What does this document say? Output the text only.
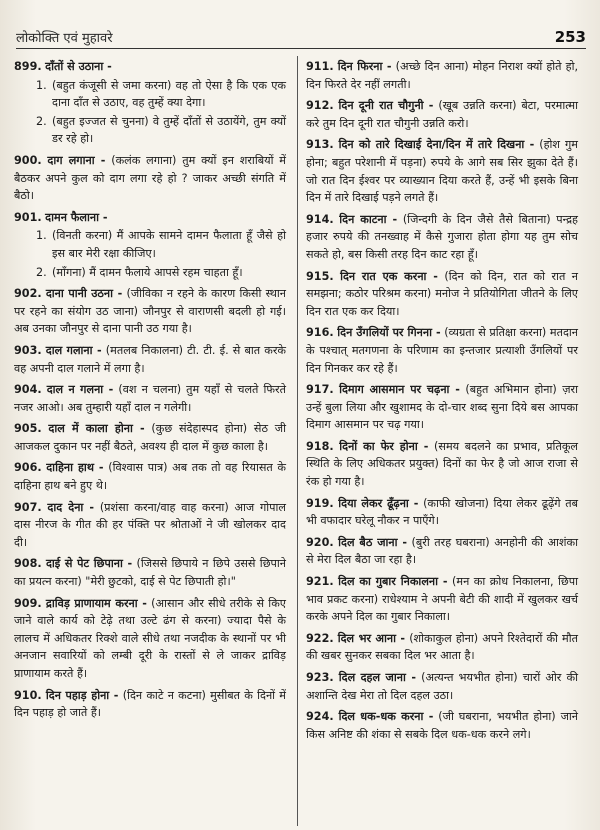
लोकोक्ति एवं मुहावरे	253
899. दाँतों से उठाना -
1. (बहुत कंजूसी से जमा करना) वह तो ऐसा है कि एक एक दाना दाँत से उठाए, वह तुम्हें क्या देगा।
2. (बहुत इज्जत से चुनना) वे तुम्हें दाँतों से उठायेंगे, तुम क्यों डर रहे हो।
900. दाग लगाना - (कलंक लगाना) तुम क्यों इन शराबियों में बैठकर अपने कुल को दाग लगा रहे हो ? जाकर अच्छी संगति में बैठो।
901. दामन फैलाना -
1. (विनती करना) मैं आपके सामने दामन फैलाता हूँ जैसे हो इस बार मेरी रक्षा कीजिए।
2. (माँगना) मैं दामन फैलाये आपसे रहम चाहता हूँ।
902. दाना पानी उठना - (जीविका न रहने के कारण किसी स्थान पर रहने का संयोग उठ जाना) जौनपुर से वाराणसी बदली हो गई। अब उनका जौनपुर से दाना पानी उठ गया है।
903. दाल गलाना - (मतलब निकालना) टी. टी. ई. से बात करके वह अपनी दाल गलाने में लगा है।
904. दाल न गलना - (वश न चलना) तुम यहाँ से चलते फिरते नजर आओ। अब तुम्हारी यहाँ दाल न गलेगी।
905. दाल में काला होना - (कुछ संदेहास्पद होना) सेठ जी आजकल दुकान पर नहीं बैठते, अवश्य ही दाल में कुछ काला है।
906. दाहिना हाथ - (विश्वास पात्र) अब तक तो वह रियासत के दाहिना हाथ बने हुए थे।
907. दाद देना - (प्रशंसा करना/वाह वाह करना) आज गोपाल दास नीरज के गीत की हर पंक्ति पर श्रोताओं ने जी खोलकर दाद दी।
908. दाई से पेट छिपाना - (जिससे छिपाये न छिपे उससे छिपाने का प्रयत्न करना) "मेरी छुटको, दाई से पेट छिपाती हो।"
909. द्राविड़ प्राणायाम करना - (आसान और सीधे तरीके से किए जाने वाले कार्य को टेढ़े तथा उल्टे ढंग से करना) ज्यादा पैसे के लालच में अधिकतर रिक्शे वाले सीधे तथा नजदीक के स्थानों पर भी अनजान सवारियों को लम्बी दूरी के रास्तों से ले जाकर द्राविड़ प्राणायाम करते हैं।
910. दिन पहाड़ होना - (दिन काटे न कटना) मुसीबत के दिनों में दिन पहाड़ हो जाते हैं।
911. दिन फिरना - (अच्छे दिन आना) मोहन निराश क्यों होते हो, दिन फिरते देर नहीं लगती।
912. दिन दूनी रात चौगुनी - (खूब उन्नति करना) बेटा, परमात्मा करे तुम दिन दूनी रात चौगुनी उन्नति करो।
913. दिन को तारे दिखाई देना/दिन में तारे दिखना - (होश गुम होना; बहुत परेशानी में पड़ना) रुपये के आगे सब सिर झुका देते हैं। जो रात दिन ईश्वर पर व्याख्यान दिया करते हैं, उन्हें भी इसके बिना दिन में तारे दिखाई पड़ने लगते हैं।
914. दिन काटना - (जिन्दगी के दिन जैसे तैसे बिताना) पन्द्रह हजार रुपये की तनख्वाह में कैसे गुजारा होता होगा यह तुम सोच सकते हो, बस किसी तरह दिन काट रहा हूँ।
915. दिन रात एक करना - (दिन को दिन, रात को रात न समझना; कठोर परिश्रम करना) मनोज ने प्रतियोगिता जीतने के लिए दिन रात एक कर दिया।
916. दिन उँगलियों पर गिनना - (व्यग्रता से प्रतिक्षा करना) मतदान के पश्चात् मतगणना के परिणाम का इन्तजार प्रत्याशी उँगलियों पर दिन गिनकर कर रहे हैं।
917. दिमाग आसमान पर चढ़ना - (बहुत अभिमान होना) ज़रा उन्हें बुला लिया और खुशामद के दो-चार शब्द सुना दिये बस आपका दिमाग आसमान पर चढ़ गया।
918. दिनों का फेर होना - (समय बदलने का प्रभाव, प्रतिकूल स्थिति के लिए अधिकतर प्रयुक्त) दिनों का फेर है जो आज राजा से रंक हो गया है।
919. दिया लेकर ढूँढ़ना - (काफी खोजना) दिया लेकर ढूढ़ेंगे तब भी वफादार घरेलू नौकर न पाएँगे।
920. दिल बैठ जाना - (बुरी तरह घबराना) अनहोनी की आशंका से मेरा दिल बैठा जा रहा है।
921. दिल का गुबार निकालना - (मन का क्रोध निकालना, छिपा भाव प्रकट करना) राधेश्याम ने अपनी बेटी की शादी में खुलकर खर्च करके अपने दिल का गुबार निकाला।
922. दिल भर आना - (शोकाकुल होना) अपने रिश्तेदारों की मौत की खबर सुनकर सबका दिल भर आता है।
923. दिल दहल जाना - (अत्यन्त भयभीत होना) चारों ओर की अशान्ति देख मेरा तो दिल दहल उठा।
924. दिल धक-धक करना - (जी घबराना, भयभीत होना) जाने किस अनिष्ट की शंका से सबके दिल धक-धक करने लगे।
